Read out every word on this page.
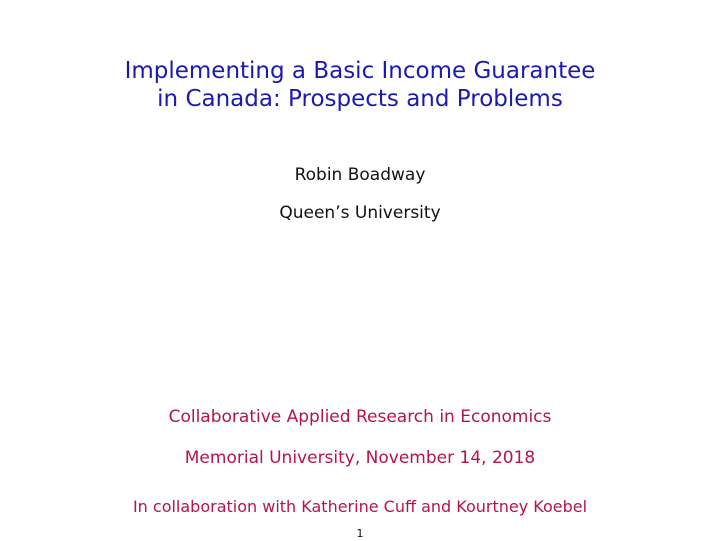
Implementing a Basic Income Guarantee
in Canada: Prospects and Problems
Robin Boadway
Queen’s University
Collaborative Applied Research in Economics
Memorial University, November 14, 2018
In collaboration with Katherine Cuff and Kourtney Koebel
1
